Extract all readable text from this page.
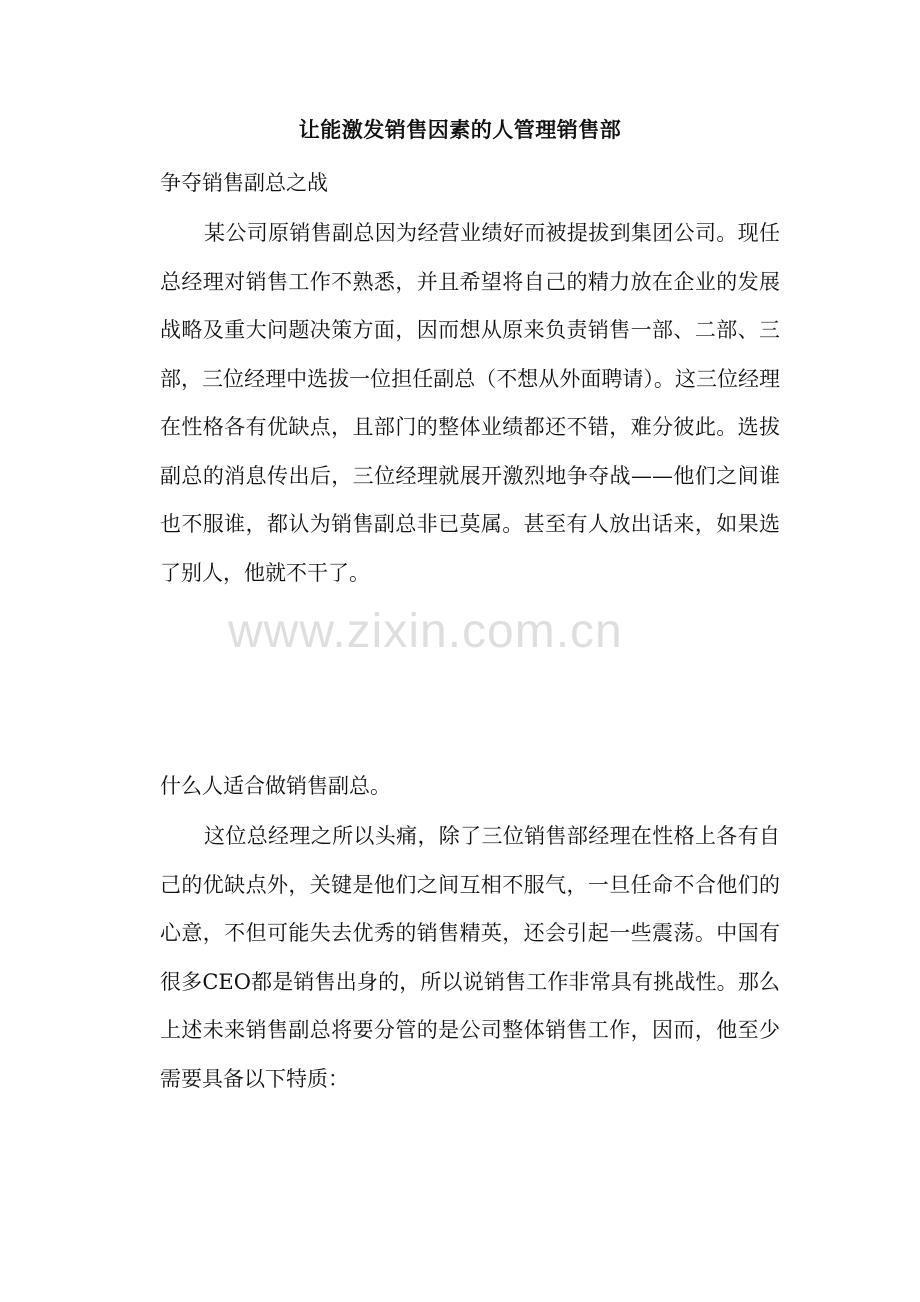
让能激发销售因素的人管理销售部
争夺销售副总之战

某公司原销售副总因为经营业绩好而被提拔到集团公司。现任总经理对销售工作不熟悉，并且希望将自己的精力放在企业的发展战略及重大问题决策方面，因而想从原来负责销售一部、二部、三部，三位经理中选拔一位担任副总（不想从外面聘请）。这三位经理在性格各有优缺点，且部门的整体业绩都还不错，难分彼此。选拔副总的消息传出后，三位经理就展开激烈地争夺战——他们之间谁也不服谁，都认为销售副总非已莫属。甚至有人放出话来，如果选了别人，他就不干了。

www.zixin.com.cn
什么人适合做销售副总。

这位总经理之所以头痛，除了三位销售部经理在性格上各有自己的优缺点外，关键是他们之间互相不服气，一旦任命不合他们的心意，不但可能失去优秀的销售精英，还会引起一些震荡。中国有很多CEO都是销售出身的，所以说销售工作非常具有挑战性。那么上述未来销售副总将要分管的是公司整体销售工作，因而，他至少需要具备以下特质：
